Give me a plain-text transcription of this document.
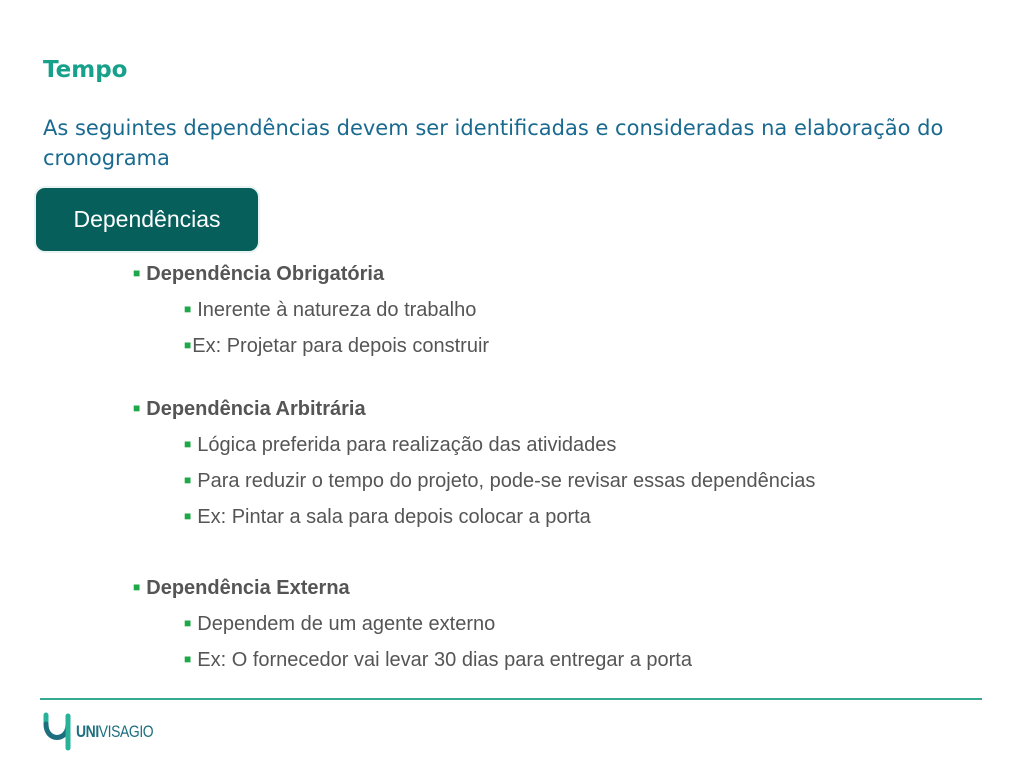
Tempo
As seguintes dependências devem ser identificadas e consideradas na elaboração do cronograma
Dependências
■ Dependência Obrigatória
■ Inerente à natureza do trabalho
■ Ex: Projetar para depois construir
■ Dependência Arbitrária
■ Lógica preferida para realização das atividades
■ Para reduzir o tempo do projeto, pode-se revisar essas dependências
■ Ex: Pintar a sala para depois colocar a porta
■ Dependência Externa
■ Dependem de um agente externo
■ Ex: O fornecedor vai levar 30 dias para entregar a porta
UNIVISAGIO
